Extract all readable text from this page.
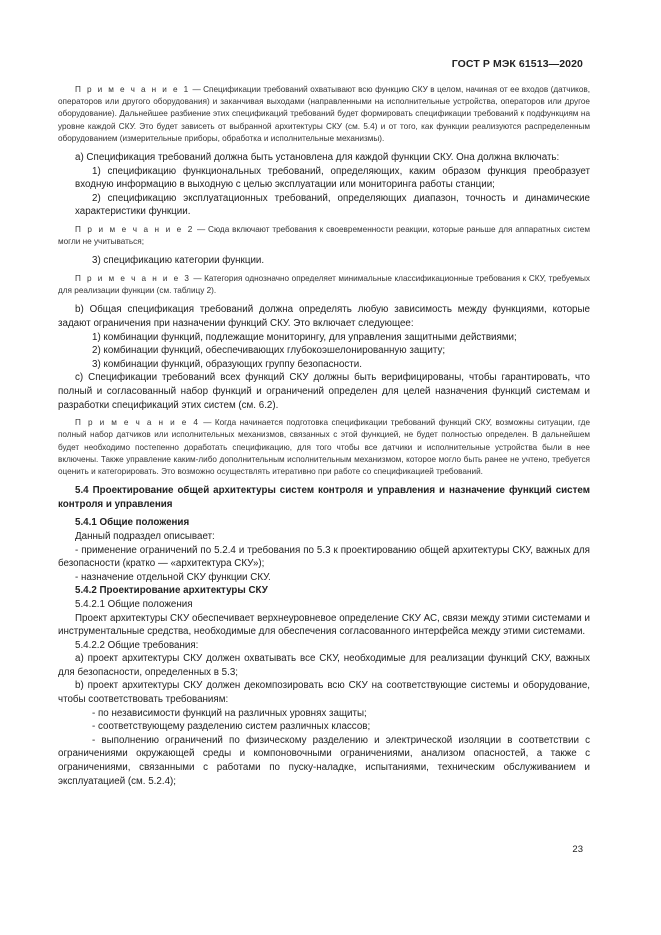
ГОСТ Р МЭК 61513—2020

П р и м е ч а н и е 1 — Спецификации требований охватывают всю функцию СКУ в целом, начиная от ее входов (датчиков, операторов или другого оборудования) и заканчивая выходами (направленными на исполнительные устройства, операторов или другое оборудование). Дальнейшее разбиение этих спецификаций требований будет формировать спецификации требований к подфункциям на уровне каждой СКУ. Это будет зависеть от выбранной архитектуры СКУ (см. 5.4) и от того, как функции реализуются распределенным оборудованием (измерительные приборы, обработка и исполнительные механизмы).

а) Спецификация требований должна быть установлена для каждой функции СКУ. Она должна включать:

1) спецификацию функциональных требований, определяющих, каким образом функция преобразует входную информацию в выходную с целью эксплуатации или мониторинга работы станции;

2) спецификацию эксплуатационных требований, определяющих диапазон, точность и динамические характеристики функции.

П р и м е ч а н и е 2 — Сюда включают требования к своевременности реакции, которые раньше для аппаратных систем могли не учитываться;

3) спецификацию категории функции.

П р и м е ч а н и е 3 — Категория однозначно определяет минимальные классификационные требования к СКУ, требуемых для реализации функции (см. таблицу 2).

b) Общая спецификация требований должна определять любую зависимость между функциями, которые задают ограничения при назначении функций СКУ. Это включает следующее:

1) комбинации функций, подлежащие мониторингу, для управления защитными действиями;

2) комбинации функций, обеспечивающих глубокоэшелонированную защиту;

3) комбинации функций, образующих группу безопасности.

с) Спецификации требований всех функций СКУ должны быть верифицированы, чтобы гарантировать, что полный и согласованный набор функций и ограничений определен для целей назначения функций системам и разработки спецификаций этих систем (см. 6.2).

П р и м е ч а н и е 4 — Когда начинается подготовка спецификации требований функций СКУ, возможны ситуации, где полный набор датчиков или исполнительных механизмов, связанных с этой функцией, не будет полностью определен. В дальнейшем будет необходимо постепенно доработать спецификацию, для того чтобы все датчики и исполнительные устройства были в нее включены. Также управление каким-либо дополнительным исполнительным механизмом, которое могло быть ранее не учтено, требуется оценить и категорировать. Это возможно осуществлять итеративно при работе со спецификацией требований.

5.4 Проектирование общей архитектуры систем контроля и управления и назначение функций систем контроля и управления

5.4.1 Общие положения

Данный подраздел описывает:

- применение ограничений по 5.2.4 и требования по 5.3 к проектированию общей архитектуры СКУ, важных для безопасности (кратко — «архитектура СКУ»);

- назначение отдельной СКУ функции СКУ.

5.4.2 Проектирование архитектуры СКУ

5.4.2.1 Общие положения

Проект архитектуры СКУ обеспечивает верхнеуровневое определение СКУ АС, связи между этими системами и инструментальные средства, необходимые для обеспечения согласованного интерфейса между этими системами.

5.4.2.2 Общие требования:

а) проект архитектуры СКУ должен охватывать все СКУ, необходимые для реализации функций СКУ, важных для безопасности, определенных в 5.3;

b) проект архитектуры СКУ должен декомпозировать всю СКУ на соответствующие системы и оборудование, чтобы соответствовать требованиям:

- по независимости функций на различных уровнях защиты;

- соответствующему разделению систем различных классов;

- выполнению ограничений по физическому разделению и электрической изоляции в соответствии с ограничениями окружающей среды и компоновочными ограничениями, анализом опасностей, а также с ограничениями, связанными с работами по пуску-наладке, испытаниями, техническим обслуживанием и эксплуатацией (см. 5.2.4);

23
